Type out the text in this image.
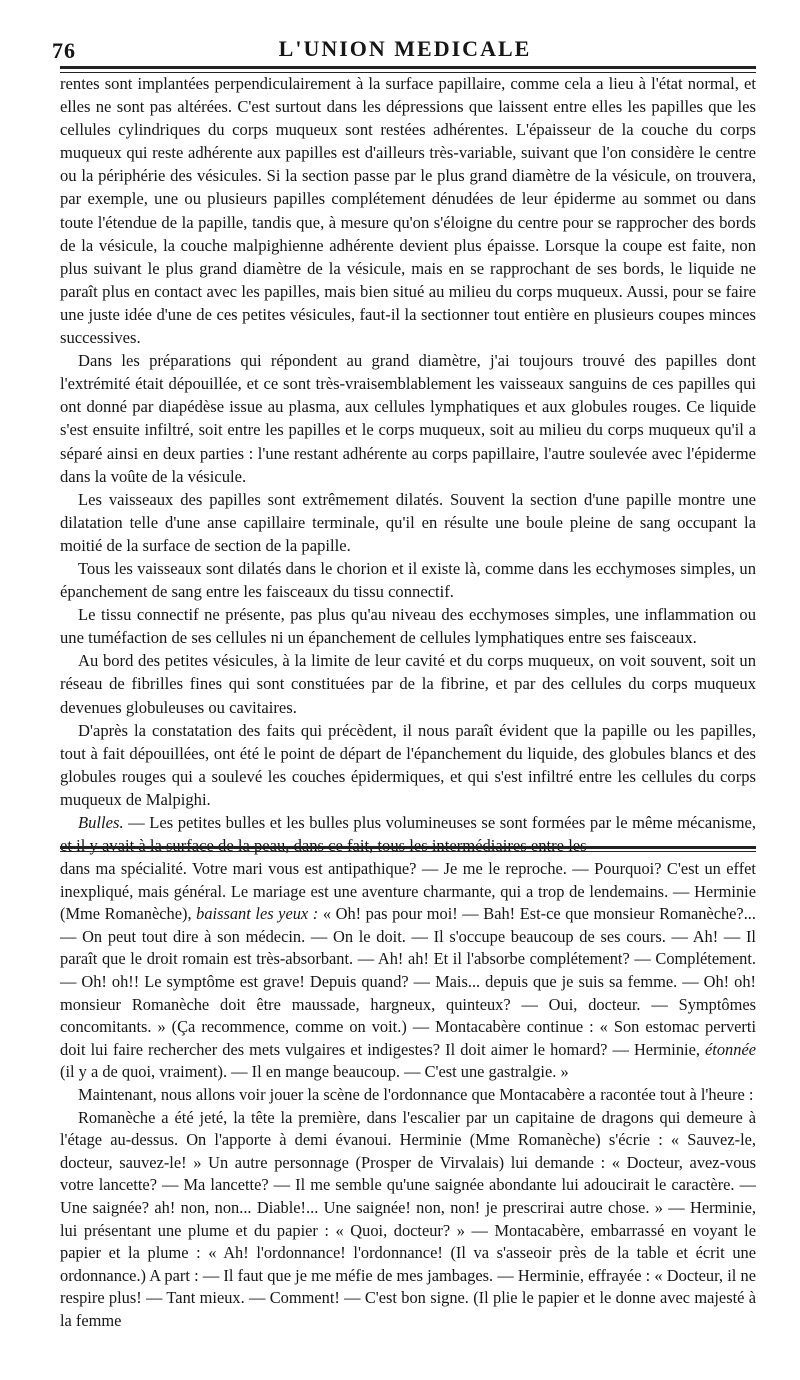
76	L'UNION MEDICALE

rentes sont implantées perpendiculairement à la surface papillaire, comme cela a lieu à l'état normal, et elles ne sont pas altérées. C'est surtout dans les dépressions que laissent entre elles les papilles que les cellules cylindriques du corps muqueux sont restées adhérentes. L'épaisseur de la couche du corps muqueux qui reste adhérente aux papilles est d'ailleurs très-variable, suivant que l'on considère le centre ou la périphérie des vésicules. Si la section passe par le plus grand diamètre de la vésicule, on trouvera, par exemple, une ou plusieurs papilles complétement dénudées de leur épiderme au sommet ou dans toute l'étendue de la papille, tandis que, à mesure qu'on s'éloigne du centre pour se rapprocher des bords de la vésicule, la couche malpighienne adhérente devient plus épaisse. Lorsque la coupe est faite, non plus suivant le plus grand diamètre de la vésicule, mais en se rapprochant de ses bords, le liquide ne paraît plus en contact avec les papilles, mais bien situé au milieu du corps muqueux. Aussi, pour se faire une juste idée d'une de ces petites vésicules, faut-il la sectionner tout entière en plusieurs coupes minces successives.

Dans les préparations qui répondent au grand diamètre, j'ai toujours trouvé des papilles dont l'extrémité était dépouillée, et ce sont très-vraisemblablement les vaisseaux sanguins de ces papilles qui ont donné par diapédèse issue au plasma, aux cellules lymphatiques et aux globules rouges. Ce liquide s'est ensuite infiltré, soit entre les papilles et le corps muqueux, soit au milieu du corps muqueux qu'il a séparé ainsi en deux parties : l'une restant adhérente au corps papillaire, l'autre soulevée avec l'épiderme dans la voûte de la vésicule.

Les vaisseaux des papilles sont extrêmement dilatés. Souvent la section d'une papille montre une dilatation telle d'une anse capillaire terminale, qu'il en résulte une boule pleine de sang occupant la moitié de la surface de section de la papille.

Tous les vaisseaux sont dilatés dans le chorion et il existe là, comme dans les ecchymoses simples, un épanchement de sang entre les faisceaux du tissu connectif.

Le tissu connectif ne présente, pas plus qu'au niveau des ecchymoses simples, une inflammation ou une tuméfaction de ses cellules ni un épanchement de cellules lymphatiques entre ses faisceaux.

Au bord des petites vésicules, à la limite de leur cavité et du corps muqueux, on voit souvent, soit un réseau de fibrilles fines qui sont constituées par de la fibrine, et par des cellules du corps muqueux devenues globuleuses ou cavitaires.

D'après la constatation des faits qui précèdent, il nous paraît évident que la papille ou les papilles, tout à fait dépouillées, ont été le point de départ de l'épanchement du liquide, des globules blancs et des globules rouges qui a soulevé les couches épidermiques, et qui s'est infiltré entre les cellules du corps muqueux de Malpighi.

Bulles. — Les petites bulles et les bulles plus volumineuses se sont formées par le même mécanisme, et il y avait à la surface de la peau, dans ce fait, tous les intermédiaires entre les

dans ma spécialité. Votre mari vous est antipathique? — Je me le reproche. — Pourquoi? C'est un effet inexpliqué, mais général. Le mariage est une aventure charmante, qui a trop de lendemains. — Herminie (Mme Romanèche), baissant les yeux : « Oh! pas pour moi! — Bah! Est-ce que monsieur Romanèche?... — On peut tout dire à son médecin. — On le doit. — Il s'occupe beaucoup de ses cours. — Ah! — Il paraît que le droit romain est très-absorbant. — Ah! ah! Et il l'absorbe complétement? — Complétement. — Oh! oh!! Le symptôme est grave! Depuis quand? — Mais... depuis que je suis sa femme. — Oh! oh! monsieur Romanèche doit être maussade, hargneux, quinteux? — Oui, docteur. — Symptômes concomitants. » (Ça recommence, comme on voit.) — Montacabère continue : « Son estomac perverti doit lui faire rechercher des mets vulgaires et indigestes? Il doit aimer le homard? — Herminie, étonnée (il y a de quoi, vraiment). — Il en mange beaucoup. — C'est une gastralgie. »

Maintenant, nous allons voir jouer la scène de l'ordonnance que Montacabère a racontée tout à l'heure :

Romanèche a été jeté, la tête la première, dans l'escalier par un capitaine de dragons qui demeure à l'étage au-dessus. On l'apporte à demi évanoui. Herminie (Mme Romanèche) s'écrie : « Sauvez-le, docteur, sauvez-le! » Un autre personnage (Prosper de Virvalais) lui demande : « Docteur, avez-vous votre lancette? — Ma lancette? — Il me semble qu'une saignée abondante lui adoucirait le caractère. — Une saignée? ah! non, non... Diable!... Une saignée! non, non! je prescrirai autre chose. » — Herminie, lui présentant une plume et du papier : « Quoi, docteur? » — Montacabère, embarrassé en voyant le papier et la plume : « Ah! l'ordonnance! l'ordonnance! (Il va s'asseoir près de la table et écrit une ordonnance.) A part : — Il faut que je me méfie de mes jambages. — Herminie, effrayée : « Docteur, il ne respire plus! — Tant mieux. — Comment! — C'est bon signe. (Il plie le papier et le donne avec majesté à la femme
